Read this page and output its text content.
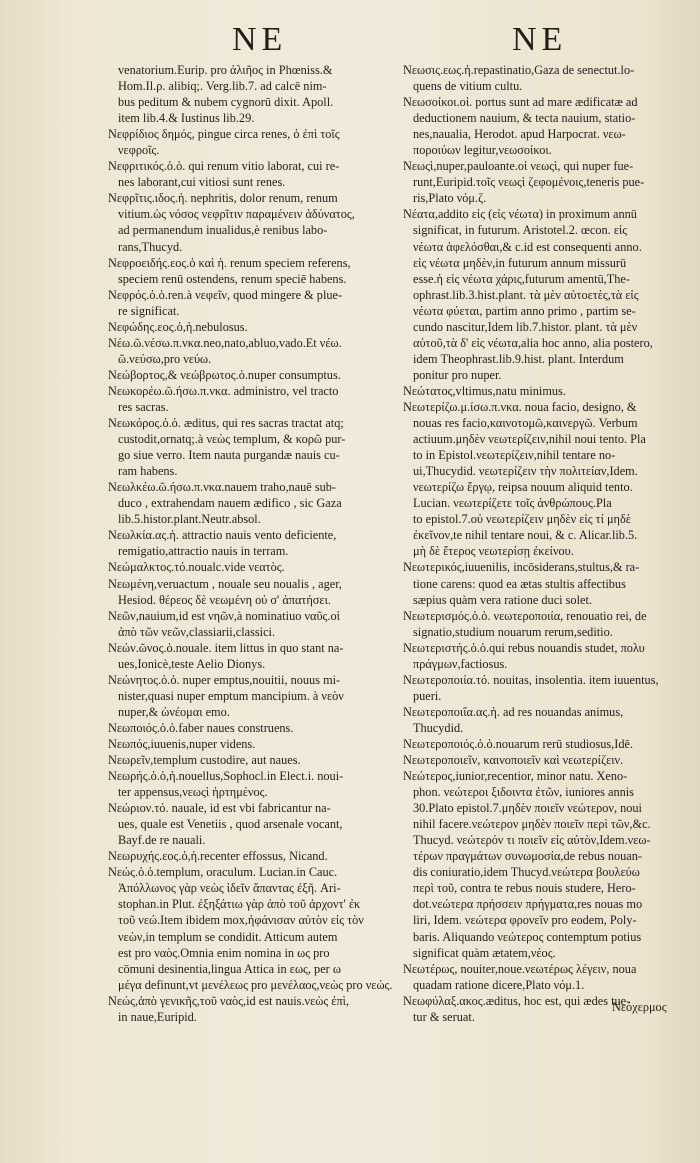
NE	NE
venatorium.Eurip. pro ἀλιῆος in Phœniss.&
Hom.Il.ρ. alibiq;. Verg.lib.7. ad calcē nim-
bus peditum & nubem cygnorū dixit. Apoll.
item lib.4.& Iustinus lib.29.
Νεφρίδιος δημός, pingue circa renes, ὁ ἐπὶ τοῖς
νεφροῖς.
Νεφριτικός.ὁ.ὁ. qui renum vitio laborat, cui re-
nes laborant,cui vitiosi sunt renes.
Νεφρῖτις.ιδος.ἡ. nephritis, dolor renum, renum
vitium.ὡς νόσος νεφρῖτιν παραμένειν ἀδύνατος,
ad permanendum inualidus,è renibus labo-
rans,Thucyd.
Νεφροειδής.εος.ὁ καὶ ἡ. renum speciem referens,
speciem renū ostendens, renum speciē habens.
Νεφρός.ὁ.ὁ.ren.à νεφεῖν, quod mingere & plue-
re significat.
Νεφώδης.εος.ὁ,ἡ.nebulosus.
Νέω.ῶ.νέσω.π.νκα.neo,nato,abluo,vado.Et νέω.
ῶ.νεύσω,pro νεύω.
Νεώβορτος,& νεώβρωτος.ὁ.nuper consumptus.
Νεωκορέω.ῶ.ήσω.π.νκα. administro, vel tracto
res sacras.
Νεωκόρος.ὁ.ὁ. æditus, qui res sacras tractat atq;
custodit,ornatq;.à νεὼς templum, & κορῶ pur-
go siue verro. Item nauta purgandæ nauis cu-
ram habens.
Νεωλκέω.ῶ.ήσω.π.νκα.nauem traho,nauē sub-
duco , extrahendam nauem ædifico , sic Gaza
lib.5.histor.plant.Neutr.absol.
Νεωλκία.ας.ἡ. attractio nauis vento deficiente,
remigatio,attractio nauis in terram.
Νεώμαλκτος.τό.noualc.vide νεατὸς.
Νεωμένη,veruactum , nouale seu noualis , ager,
Hesiod. θέρεος δὲ νεωμένη οὐ σ' ἀπατήσει.
Νεῶν,nauium,id est νηῶν,à nominatiuo ναῦς.οἱ
ἀπὸ τῶν νεῶν,classiarii,classici.
Νεών.ῶνος.ὁ.nouale. item littus in quo stant na-
ues,Ionicè,teste Aelio Dionys.
Νεώνητος.ὁ.ὁ. nuper emptus,nouitii, nouus mi-
nister,quasi nuper emptum mancipium. à νεὸν
nuper,& ὠνέομαι emo.
Νεωποιός.ὁ.ὁ.faber naues construens.
Νεωπός,iuuenis,nuper videns.
Νεωρεῖν,templum custodire, aut naues.
Νεωρής.ὁ.ὁ,ἡ.nouellus,Sophocl.in Elect.i. noui-
ter appensus,νεωςὶ ἠρτημένος.
Νεώριον.τό. nauale, id est vbi fabricantur na-
ues, quale est Venetiis , quod arsenale vocant,
Bayf.de re nauali.
Νεωρυχής.εος.ὁ,ἡ.recenter effossus, Nicand.
Νεώς.ὁ.ὁ.templum, oraculum. Lucian.in Cauc.
Ἀπόλλωνος γὰρ νεὼς ἰδεῖν ἅπαντας ἐξῆ. Ari-
stophan.in Plut. ἐξηξάτιω γὰρ ἀπὸ τοῦ ἀρχοντ' ἐκ
τοῦ νεώ.Item ibidem mox,ἠφάνισαν αὐτὸν εἰς τὸν
νεὼν,in templum se condidit. Atticum autem
est pro ναὸς.Omnia enim nomina in ως pro
cōmuni desinentia,lingua Attica in εως, per ω
μέγα definunt,vt μενέλεως pro μενέλαος,νεὼς pro νεώς.
Νεώς,ἀπὸ γενικῆς,τοῦ ναὸς,id est nauis.νεὼς ἐπὶ,
in naue,Euripid.
Νεωσις.εως.ἡ.repastinatio,Gaza de senectut.lo-
quens de vitium cultu.
Νεωσοίκοι.οἱ. portus sunt ad mare ædificatæ ad
deductionem nauium, & tecta nauium, statio-
nes,naualia, Herodot. apud Harpocrat. νεω-
ποροιύων legitur,νεωσοίκοι.
Νεωςὶ,nuper,pauloante.οἱ νεωςὶ, qui nuper fue-
runt,Euripid.τοῖς νεωςὶ ζεφομένοις,teneris pue-
ris,Plato νόμ.ζ.
Νέατα,addito εἰς (εἰς νέωτα) in proximum annū
significat, in futurum. Aristotel.2. œcon. εἰς
νέωτα ἀφελόσθαι,& c.id est consequenti anno.
εἰς νέωτα μηδὲν,in futurum annum missurū
esse.ἡ εἰς νέωτα χάρις,futurum amentū,The-
ophrast.lib.3.hist.plant. τὰ μὲν αὐτοετὲς,τὰ εἰς
νέωτα φύεται, partim anno primo , partim se-
cundo nascitur,Idem lib.7.histor. plant. τὰ μὲν
αὐτοῦ,τὰ δ' εἰς νέωτα,alia hoc anno, alia postero,
idem Theophrast.lib.9.hist. plant. Interdum
ponitur pro nuper.
Νεώτατος,vltimus,natu minimus.
Νεωτερίζω.μ.ίσω.π.νκα. noua facio, designo, &
nouas res facio,καινοτομῶ,καινεργῶ. Verbum
actiuum.μηδὲν νεωτερίζειν,nihil noui tento. Pla
to in Epistol.νεωτερίζειν,nihil tentare no-
ui,Thucydid. νεωτερίζειν τὴν πολιτείαν,Idem.
νεωτερίζω ἔργῳ, reipsa nouum aliquid tento.
Lucian. νεωτερίζετε τοῖς ἀνθρώπους.Pla
to epistol.7.οὐ νεωτερίζειν μηδὲν εἰς τί μηδὲ
ἐκεῖνον,te nihil tentare noui, & c. Alicar.lib.5.
μὴ δὲ ἕτερος νεωτερίσῃ ἐκείνου.
Νεωτερικός,iuuenilis, incōsiderans,stultus,& ra-
tione carens: quod ea ætas stultis affectibus
sæpius quàm vera ratione duci solet.
Νεωτερισμός.ὁ.ὁ. νεωτεροποιία, renouatio rei, de
signatio,studium nouarum rerum,seditio.
Νεωτεριστής.ὁ.ὁ.qui rebus nouandis studet, πολυ
πράγμων,factiosus.
Νεωτεροποιία.τό. nouitas, insolentia. item iuuentus,
pueri.
Νεωτεροποιΐα.ας.ἡ. ad res nouandas animus,
Thucydid.
Νεωτεροποιός.ὁ.ὁ.nouarum rerū studiosus,Idē.
Νεωτεροποιεῖν, καινοποιεῖν καὶ νεωτερίζειν.
Νεώτερος,iunior,recentior, minor natu. Xeno-
phon. νεώτεροι ξιδοιντα ἐτῶν, iuniores annis
30.Plato epistol.7.μηδὲν ποιεῖν νεώτερον, noui
nihil facere.νεώτερον μηδὲν ποιεῖν περὶ τῶν,&c.
Thucyd. νεώτερόν τι ποιεῖν εἰς αὐτὸν,Idem.νεω-
τέρων πραγμάτων συνωμοσία,de rebus nouan-
dis coniuratio,idem Thucyd.νεώτερα βουλεύω
περὶ τοῦ, contra te rebus nouis studere, Hero-
dot.νεώτερα πρήσσειν πρήγματα,res nouas mo
liri, Idem. νεώτερα φρονεῖν pro eodem, Poly-
baris. Aliquando νεώτερος contemptum potius
significat quàm ætatem,νέος.
Νεωτέρως, nouiter,noue.νεωτέρως λέγειν, noua
quadam ratione dicere,Plato νόμ.1.
Νεωφύλαξ.ακος.æditus, hoc est, qui ædes tue-
tur & seruat.
Νεόχερμος
